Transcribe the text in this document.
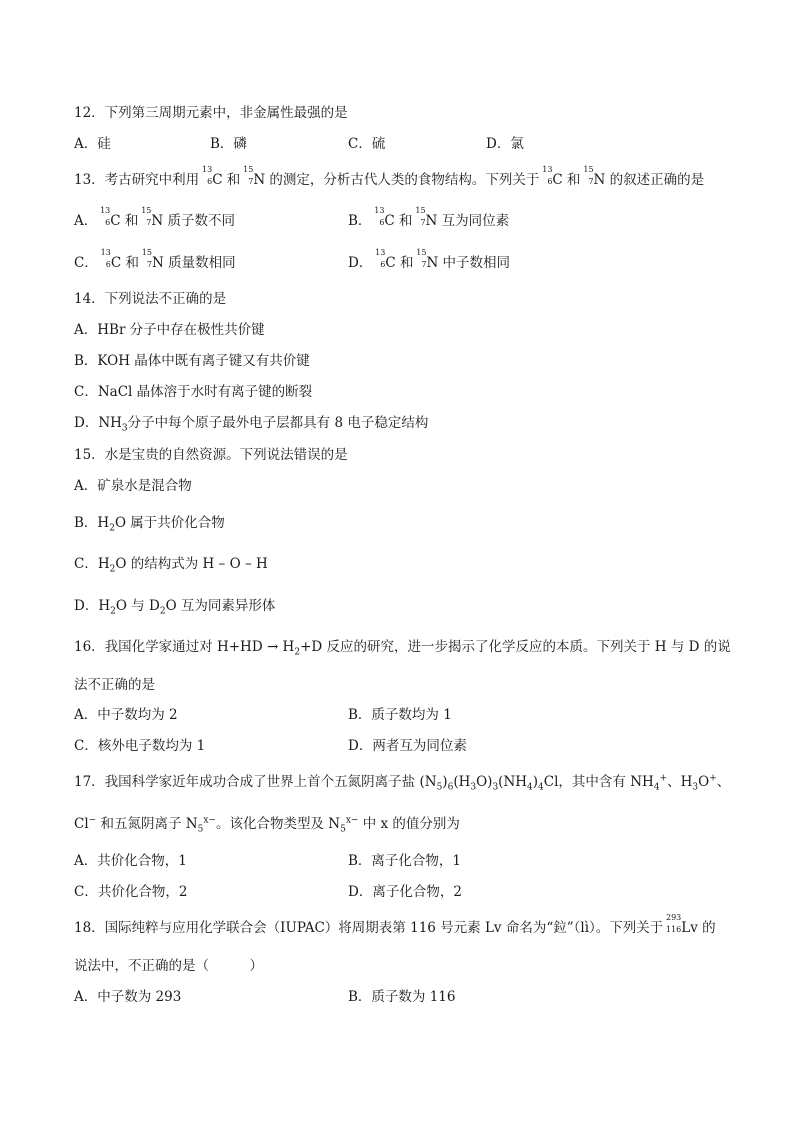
12．下列第三周期元素中，非金属性最强的是
A．硅	B．磷	C．硫	D．氯
13．考古研究中利用
13
6 C 和
15
7 N 的测定，分析古代人类的食物结构。下列关于
13
6 C 和
15
7 N 的叙述正确的是
A．
13
6 C 和
15
7 N 质子数不同	B．
13
6 C 和
15
7 N 互为同位素
C．
13
6 C 和
15
7 N 质量数相同	D．
13
6 C 和
15
7 N 中子数相同
14．下列说法不正确的是
A．HBr 分子中存在极性共价键
B．KOH 晶体中既有离子键又有共价键
C．NaCl 晶体溶于水时有离子键的断裂
D．$NH_3$分子中每个原子最外电子层都具有 8 电子稳定结构
15．水是宝贵的自然资源。下列说法错误的是
A．矿泉水是混合物
B．$H_2O$ 属于共价化合物
C．$H_2O$ 的结构式为 H – O – H
D．$H_2O$ 与 $D_2O$ 互为同素异形体
16．我国化学家通过对 $H+HD \to H_2+D$ 反应的研究，进一步揭示了化学反应的本质。下列关于 H 与 D 的说
法不正确的是
A．中子数均为 2	B．质子数均为 1
C．核外电子数均为 1	D．两者互为同位素
17．我国科学家近年成功合成了世界上首个五氮阴离子盐 $(N_5)_6(H_3O)_3(NH_4)_4Cl$，其中含有 $NH_4^+$、$H_3O^+$、
Cl− 和五氮阴离子 $N_5^{x-}$。该化合物类型及 $N_5^{x-}$ 中 x 的值分别为
A．共价化合物，1	B．离子化合物，1
C．共价化合物，2	D．离子化合物，2
18．国际纯粹与应用化学联合会（IUPAC）将周期表第 116 号元素 Lv 命名为“鉝”（lì）。下列关于
293
116 Lv 的
说法中，不正确的是（　　　）
A．中子数为 293	B．质子数为 116
